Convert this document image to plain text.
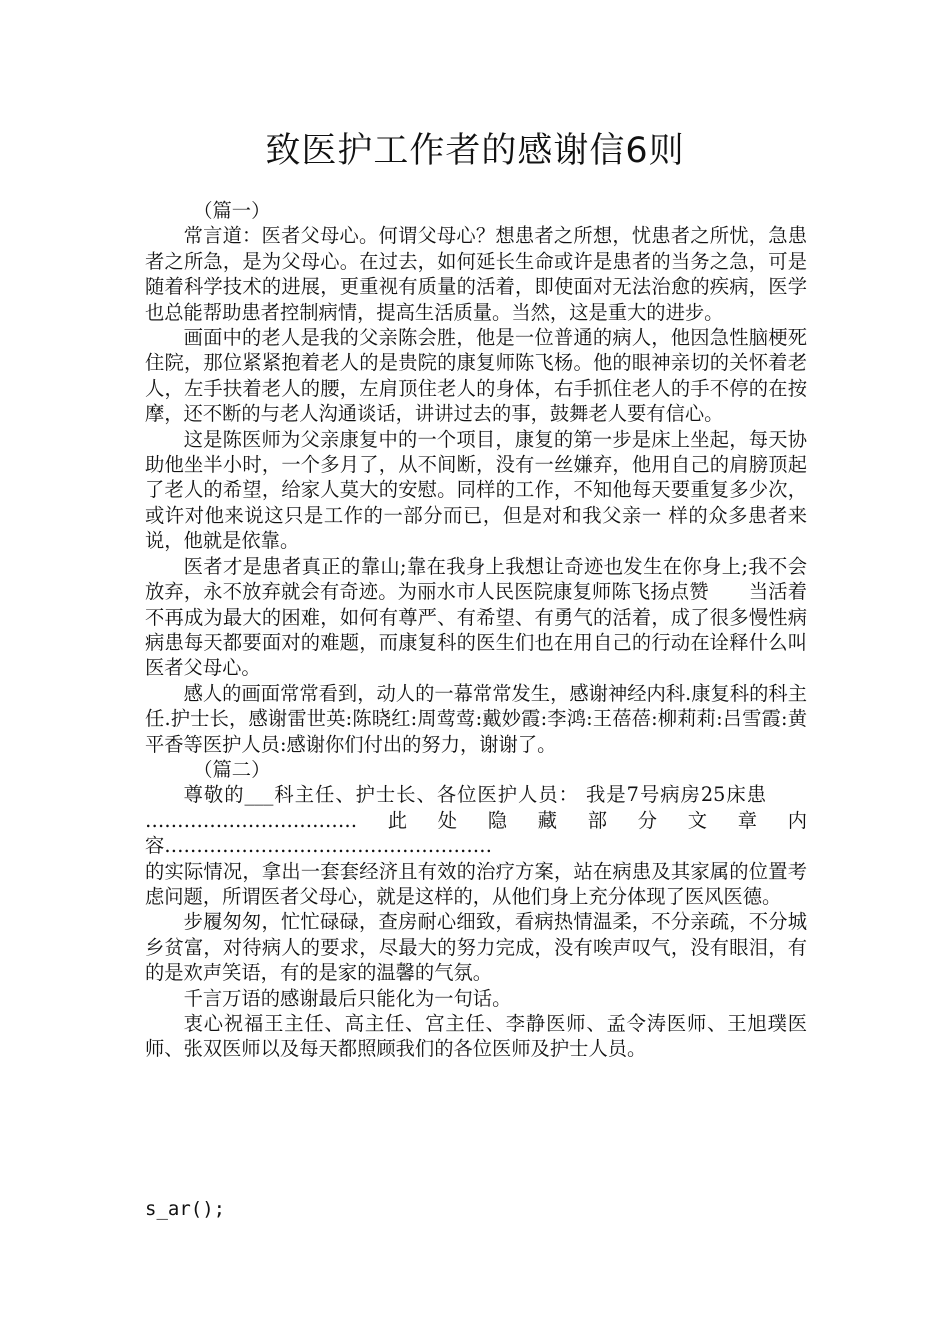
致医护工作者的感谢信6则

（篇一）

常言道：医者父母心。何谓父母心？想患者之所想，忧患者之所忧，急患者之所急，是为父母心。在过去，如何延长生命或许是患者的当务之急，可是随着科学技术的进展，更重视有质量的活着，即使面对无法治愈的疾病，医学也总能帮助患者控制病情，提高生活质量。当然，这是重大的进步。

画面中的老人是我的父亲陈会胜，他是一位普通的病人，他因急性脑梗死住院，那位紧紧抱着老人的是贵院的康复师陈飞杨。他的眼神亲切的关怀着老人，左手扶着老人的腰，左肩顶住老人的身体，右手抓住老人的手不停的在按摩，还不断的与老人沟通谈话，讲讲过去的事，鼓舞老人要有信心。

这是陈医师为父亲康复中的一个项目，康复的第一步是床上坐起，每天协助他坐半小时，一个多月了，从不间断，没有一丝嫌弃，他用自己的肩膀顶起了老人的希望，给家人莫大的安慰。同样的工作，不知他每天要重复多少次，或许对他来说这只是工作的一部分而已，但是对和我父亲一 样的众多患者来说，他就是依靠。

医者才是患者真正的靠山;靠在我身上我想让奇迹也发生在你身上;我不会放弃，永不放弃就会有奇迹。为丽水市人民医院康复师陈飞扬点赞 当活着不再成为最大的困难，如何有尊严、有希望、有勇气的活着，成了很多慢性病病患每天都要面对的难题，而康复科的医生们也在用自己的行动在诠释什么叫 医者父母心。

感人的画面常常看到，动人的一幕常常发生，感谢神经内科.康复科的科主任.护士长，感谢雷世英:陈晓红:周莺莺:戴妙霞:李鸿:王蓓蓓:柳莉莉:吕雪霞:黄平香等医护人员:感谢你们付出的努力，谢谢了。

（篇二）

尊敬的___科主任、护士长、各位医护人员： 我是7号病房25床患……………………………此处隐藏部分文章内容……………………………………………

的实际情况，拿出一套套经济且有效的治疗方案，站在病患及其家属的位置考虑问题，所谓医者父母心，就是这样的，从他们身上充分体现了医风医德。

步履匆匆，忙忙碌碌，查房耐心细致，看病热情温柔，不分亲疏，不分城乡贫富，对待病人的要求，尽最大的努力完成，没有唉声叹气，没有眼泪，有的是欢声笑语，有的是家的温馨的气氛。

千言万语的感谢最后只能化为一句话。

衷心祝福王主任、高主任、宫主任、李静医师、孟令涛医师、王旭璞医师、张双医师以及每天都照顾我们的各位医师及护士人员。

s_ar();
